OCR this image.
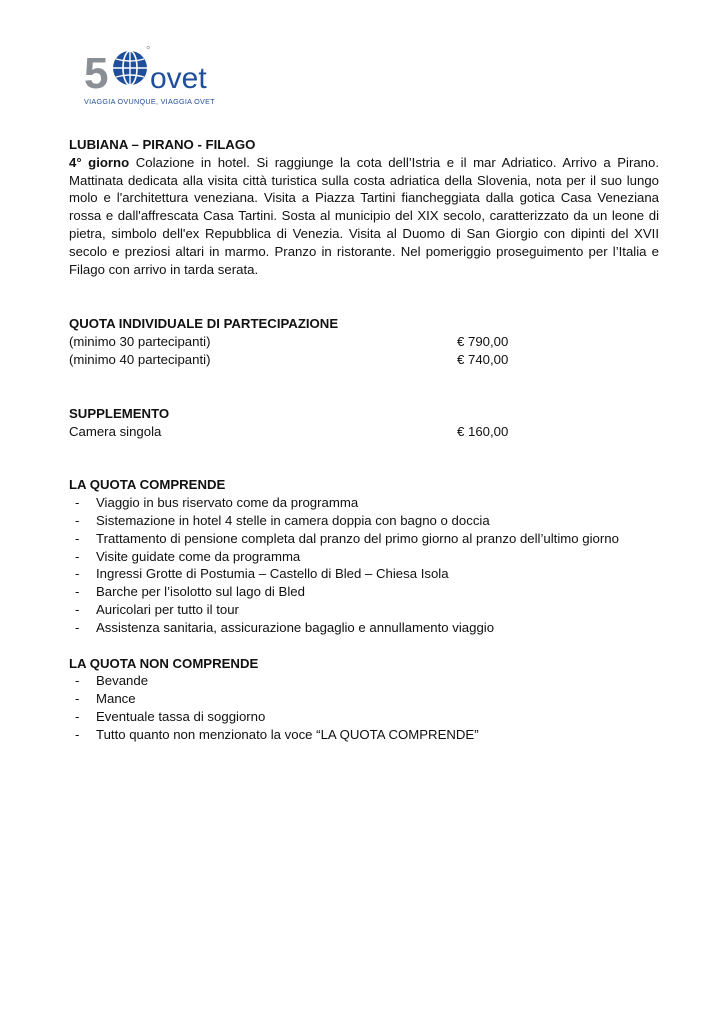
5	°
ovet
VIAGGIA OVUNQUE, VIAGGIA OVET

LUBIANA – PIRANO - FILAGO

4° giorno Colazione in hotel. Si raggiunge la cota dell’Istria e il mar Adriatico. Arrivo a Pirano. Mattinata dedicata alla visita città turistica sulla costa adriatica della Slovenia, nota per il suo lungo molo e l'architettura veneziana. Visita a Piazza Tartini fiancheggiata dalla gotica Casa Veneziana rossa e dall'affrescata Casa Tartini. Sosta al municipio del XIX secolo, caratterizzato da un leone di pietra, simbolo dell'ex Repubblica di Venezia. Visita al Duomo di San Giorgio con dipinti del XVII secolo e preziosi altari in marmo. Pranzo in ristorante. Nel pomeriggio proseguimento per l’Italia e Filago con arrivo in tarda serata.

QUOTA INDIVIDUALE DI PARTECIPAZIONE

(minimo 30 partecipanti)	€ 790,00
(minimo 40 partecipanti)	€ 740,00

SUPPLEMENTO

Camera singola	€ 160,00

LA QUOTA COMPRENDE

- Viaggio in bus riservato come da programma
- Sistemazione in hotel 4 stelle in camera doppia con bagno o doccia
- Trattamento di pensione completa dal pranzo del primo giorno al pranzo dell’ultimo giorno
- Visite guidate come da programma
- Ingressi Grotte di Postumia – Castello di Bled – Chiesa Isola
- Barche per l’isolotto sul lago di Bled
- Auricolari per tutto il tour
- Assistenza sanitaria, assicurazione bagaglio e annullamento viaggio

LA QUOTA NON COMPRENDE

- Bevande
- Mance
- Eventuale tassa di soggiorno
- Tutto quanto non menzionato la voce “LA QUOTA COMPRENDE”
